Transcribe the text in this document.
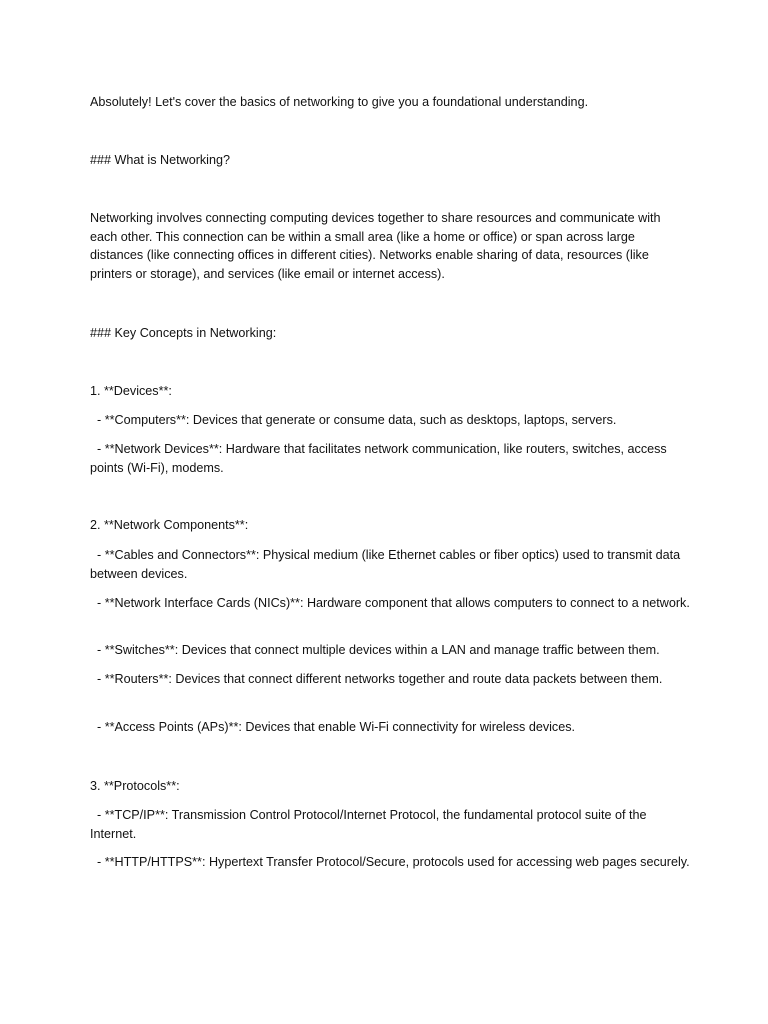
Absolutely! Let's cover the basics of networking to give you a foundational understanding.
### What is Networking?
Networking involves connecting computing devices together to share resources and communicate with each other. This connection can be within a small area (like a home or office) or span across large distances (like connecting offices in different cities). Networks enable sharing of data, resources (like printers or storage), and services (like email or internet access).
### Key Concepts in Networking:
1. **Devices**:
- **Computers**: Devices that generate or consume data, such as desktops, laptops, servers.
- **Network Devices**: Hardware that facilitates network communication, like routers, switches, access points (Wi-Fi), modems.
2. **Network Components**:
- **Cables and Connectors**: Physical medium (like Ethernet cables or fiber optics) used to transmit data between devices.
- **Network Interface Cards (NICs)**: Hardware component that allows computers to connect to a network.
- **Switches**: Devices that connect multiple devices within a LAN and manage traffic between them.
- **Routers**: Devices that connect different networks together and route data packets between them.
- **Access Points (APs)**: Devices that enable Wi-Fi connectivity for wireless devices.
3. **Protocols**:
- **TCP/IP**: Transmission Control Protocol/Internet Protocol, the fundamental protocol suite of the Internet.
- **HTTP/HTTPS**: Hypertext Transfer Protocol/Secure, protocols used for accessing web pages securely.
